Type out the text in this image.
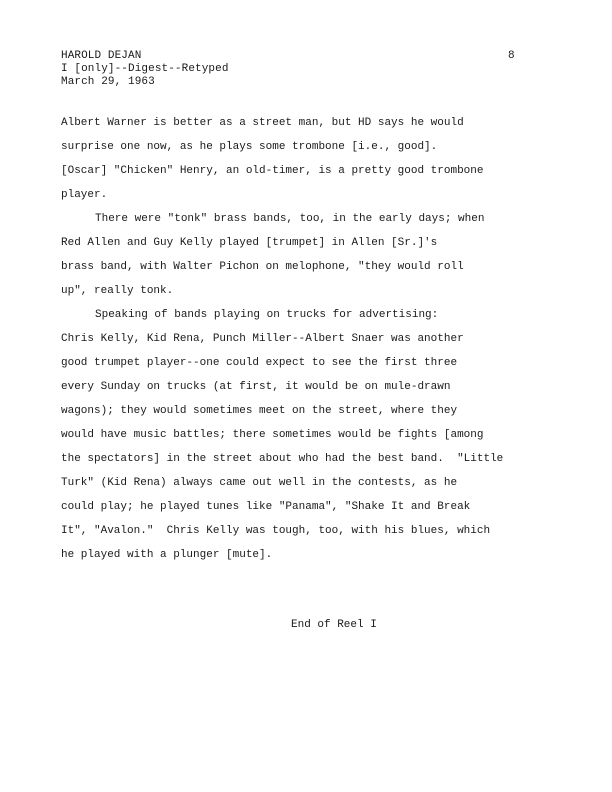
HAROLD DEJAN
I [only]--Digest--Retyped
March 29, 1963
8
Albert Warner is better as a street man, but HD says he would
surprise one now, as he plays some trombone [i.e., good].
[Oscar] "Chicken" Henry, an old-timer, is a pretty good trombone
player.
There were "tonk" brass bands, too, in the early days; when
Red Allen and Guy Kelly played [trumpet] in Allen [Sr.]'s
brass band, with Walter Pichon on melophone, "they would roll
up", really tonk.
Speaking of bands playing on trucks for advertising:
Chris Kelly, Kid Rena, Punch Miller--Albert Snaer was another
good trumpet player--one could expect to see the first three
every Sunday on trucks (at first, it would be on mule-drawn
wagons); they would sometimes meet on the street, where they
would have music battles; there sometimes would be fights [among
the spectators] in the street about who had the best band.  "Little
Turk" (Kid Rena) always came out well in the contests, as he
could play; he played tunes like "Panama", "Shake It and Break
It", "Avalon."  Chris Kelly was tough, too, with his blues, which
he played with a plunger [mute].
End of Reel I
